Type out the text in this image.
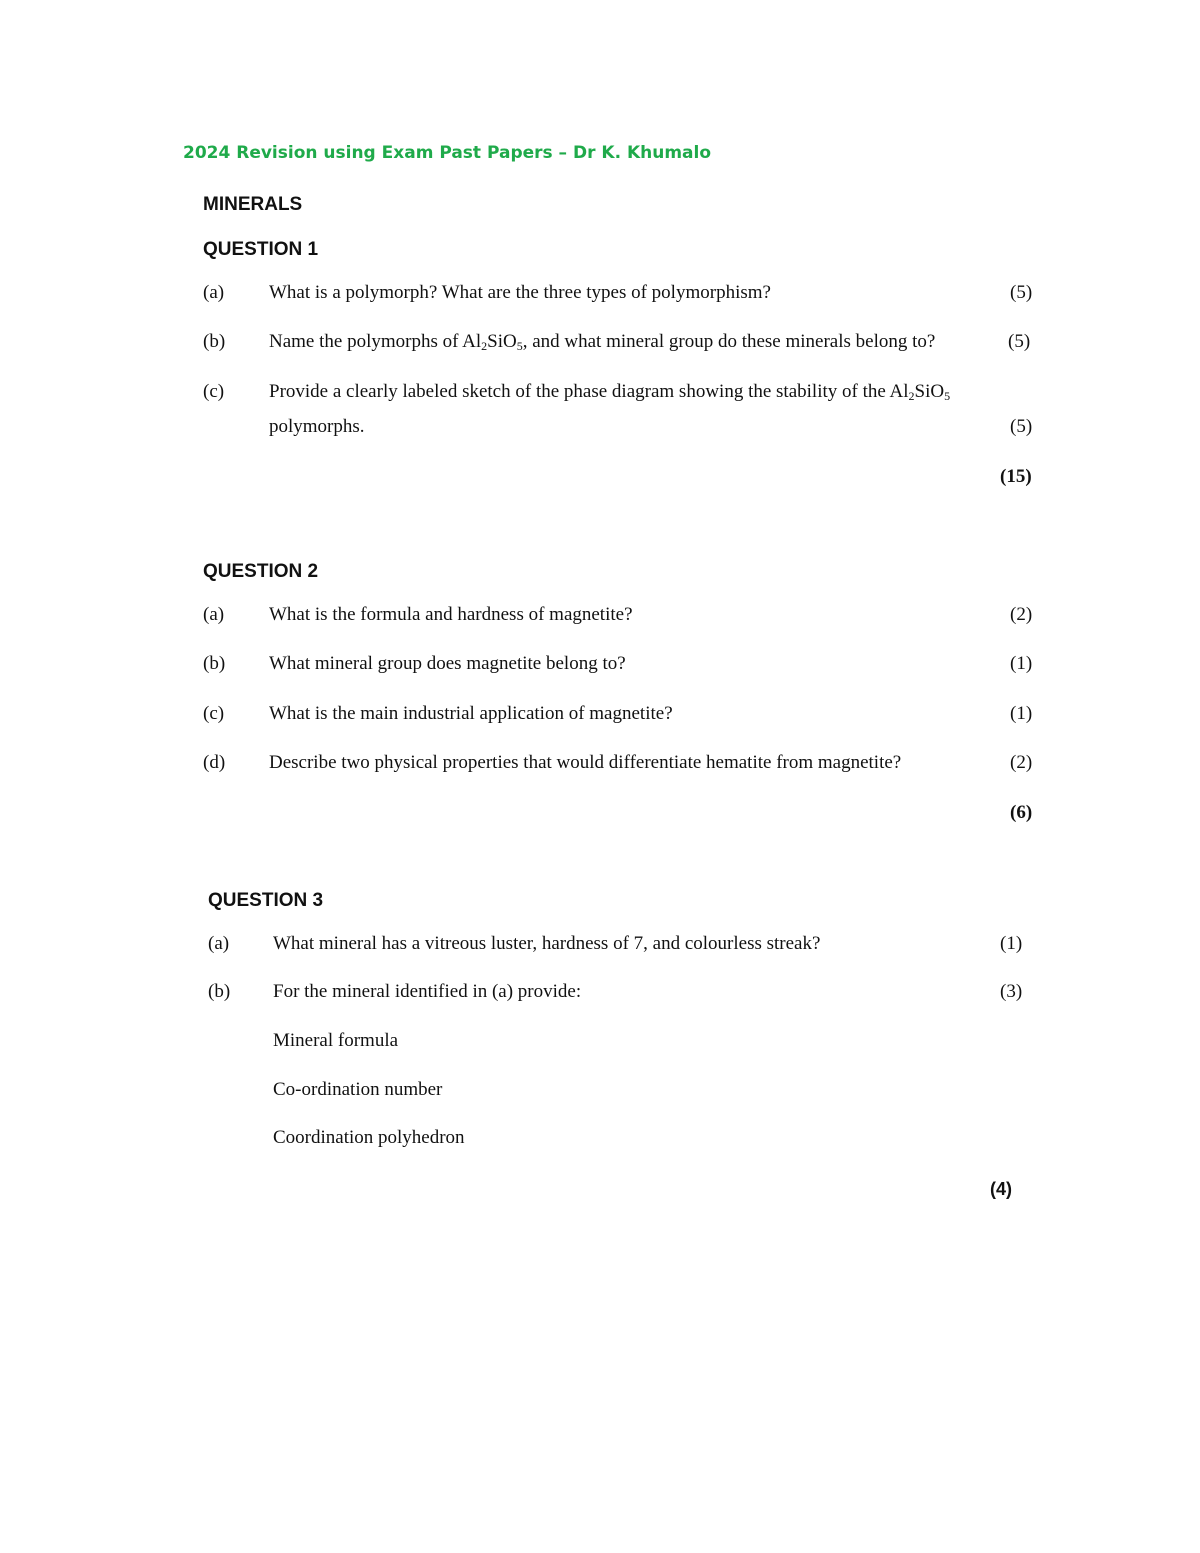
2024 Revision using Exam Past Papers – Dr K. Khumalo
MINERALS
QUESTION 1
(a) What is a polymorph? What are the three types of polymorphism?	(5)
(b) Name the polymorphs of $Al_2SiO_5$, and what mineral group do these minerals belong to?	(5)
(c) Provide a clearly labeled sketch of the phase diagram showing the stability of the $Al_2SiO_5$
polymorphs.	(5)
(15)
QUESTION 2
(a) What is the formula and hardness of magnetite?	(2)
(b) What mineral group does magnetite belong to?	(1)
(c) What is the main industrial application of magnetite?	(1)
(d) Describe two physical properties that would differentiate hematite from magnetite?	(2)
(6)
QUESTION 3
(a) What mineral has a vitreous luster, hardness of 7, and colourless streak?	(1)
(b) For the mineral identified in (a) provide:	(3)
Mineral formula
Co-ordination number
Coordination polyhedron
(4)
